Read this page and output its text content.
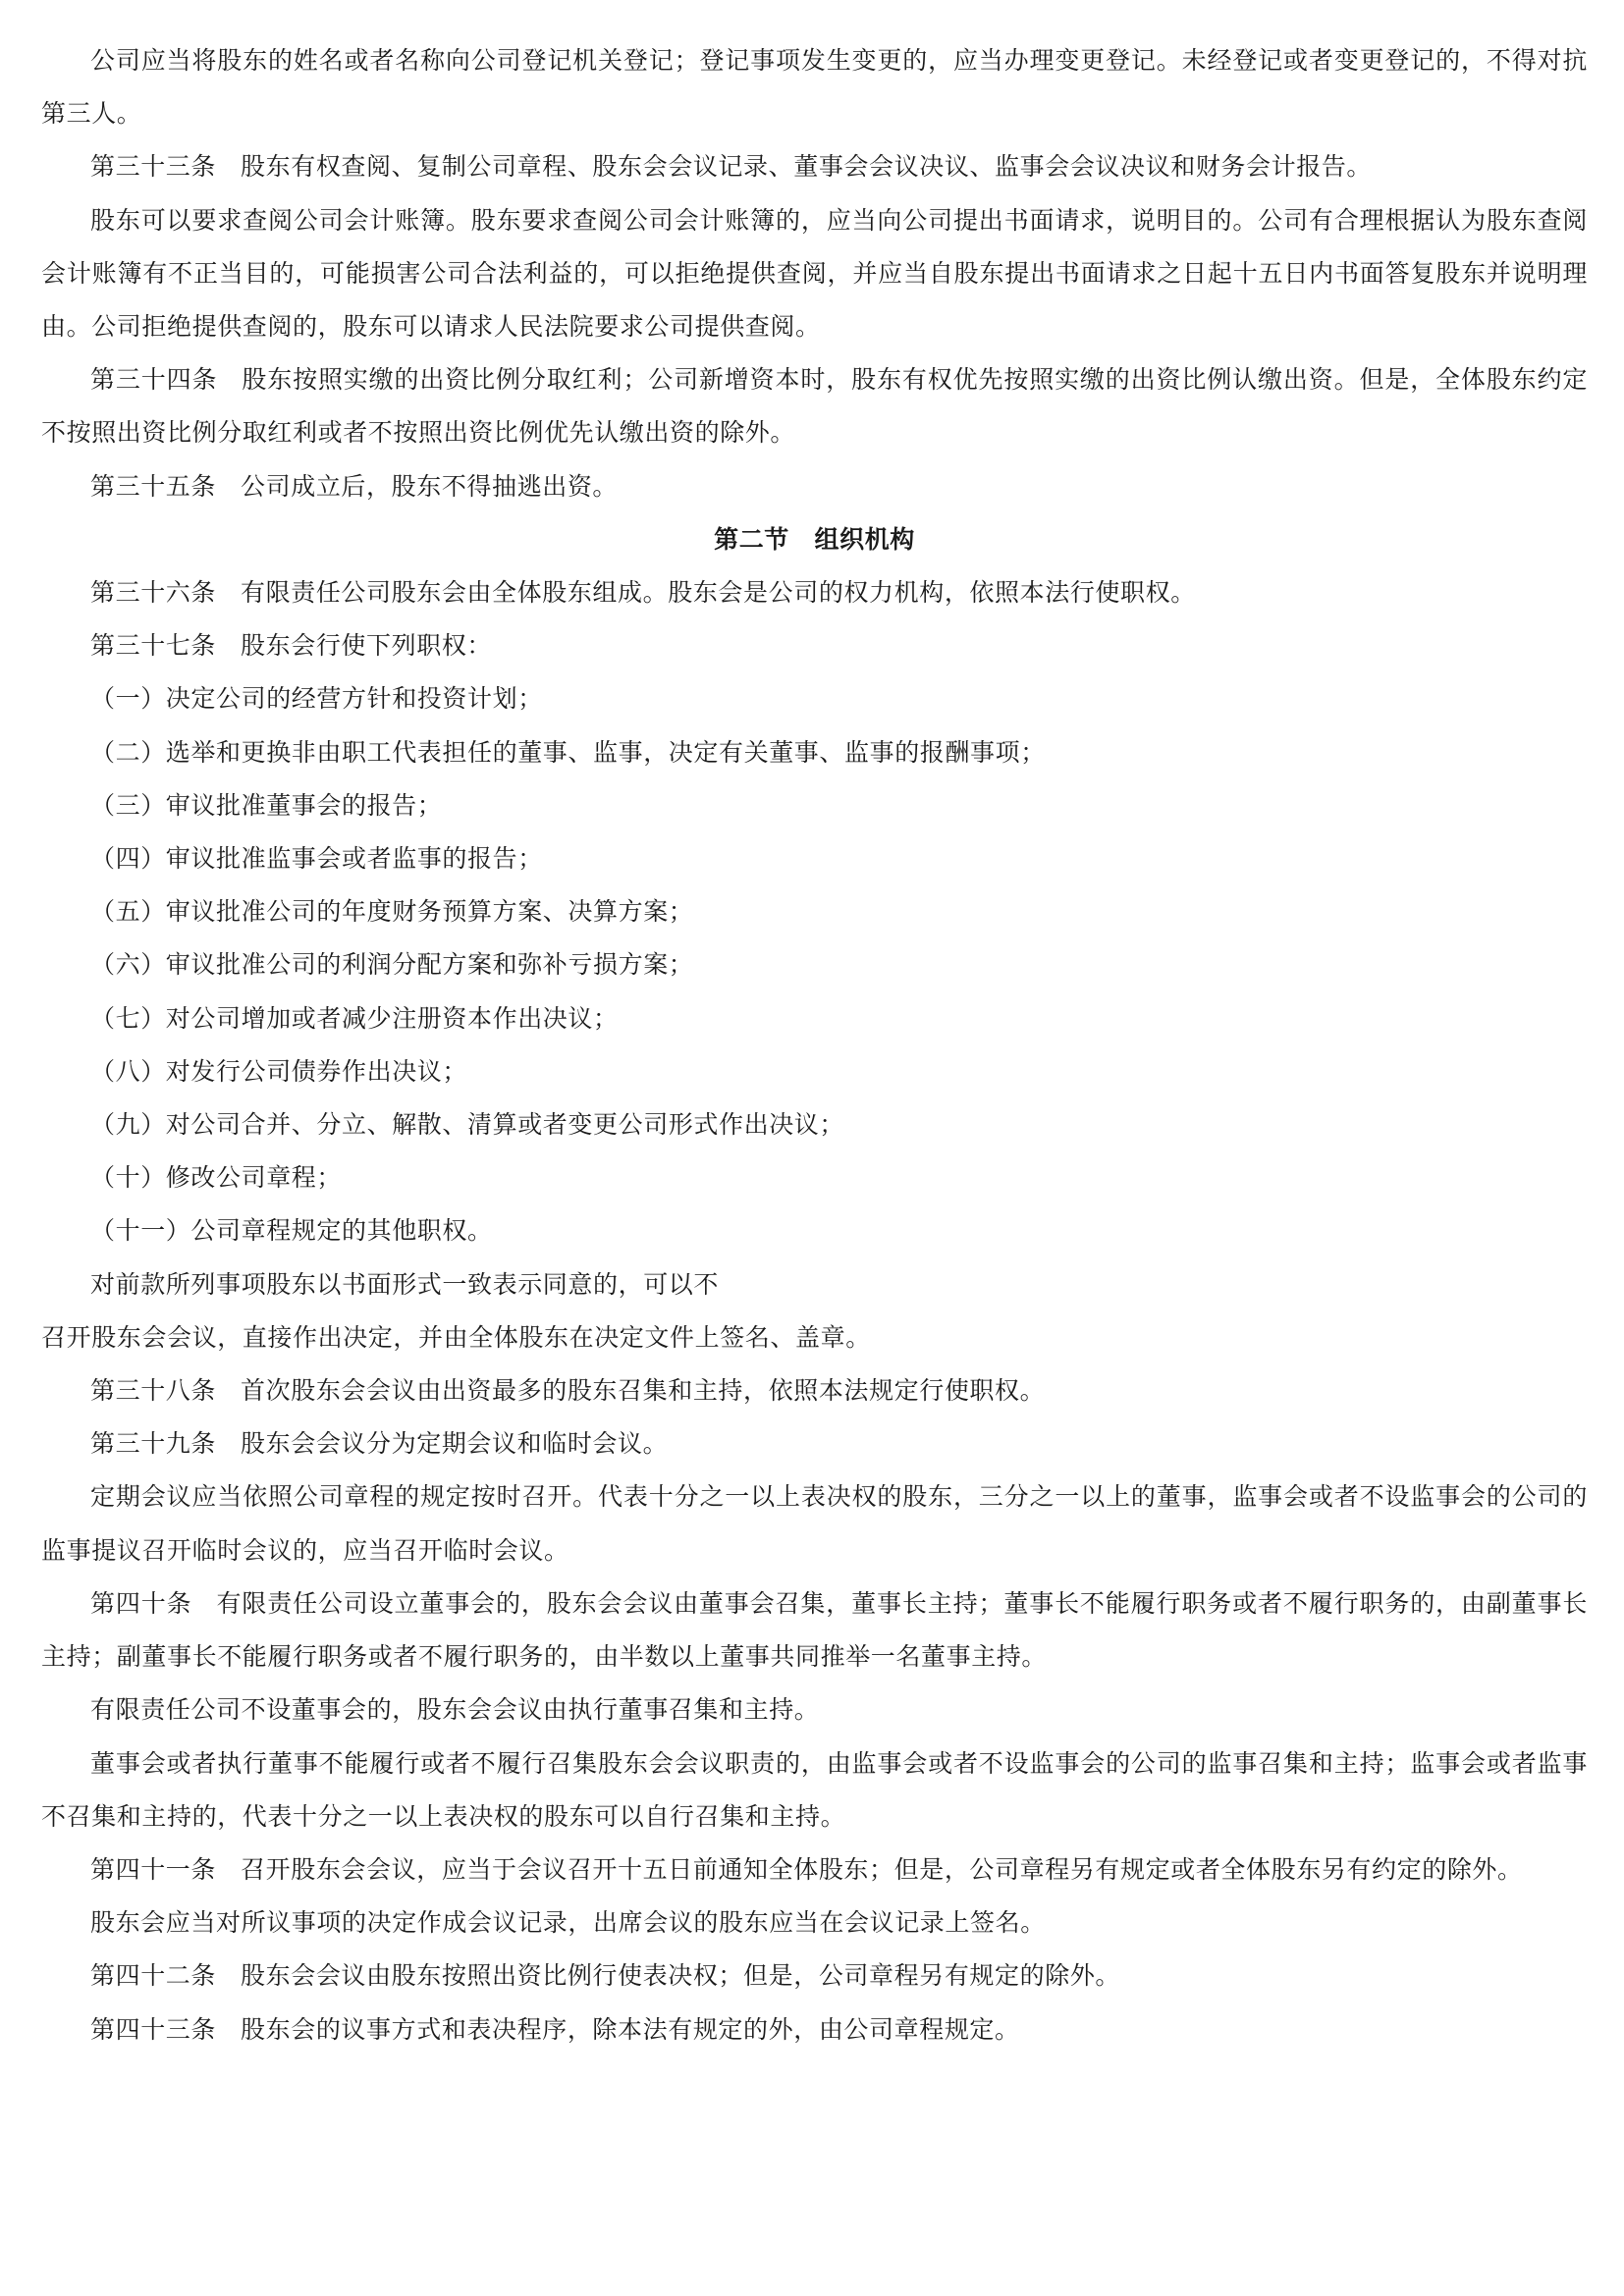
公司应当将股东的姓名或者名称向公司登记机关登记；登记事项发生变更的，应当办理变更登记。未经登记或者变更登记的，不得对抗第三人。

第三十三条 股东有权查阅、复制公司章程、股东会会议记录、董事会会议决议、监事会会议决议和财务会计报告。

股东可以要求查阅公司会计账簿。股东要求查阅公司会计账簿的，应当向公司提出书面请求，说明目的。公司有合理根据认为股东查阅会计账簿有不正当目的，可能损害公司合法利益的，可以拒绝提供查阅，并应当自股东提出书面请求之日起十五日内书面答复股东并说明理由。公司拒绝提供查阅的，股东可以请求人民法院要求公司提供查阅。

第三十四条 股东按照实缴的出资比例分取红利；公司新增资本时，股东有权优先按照实缴的出资比例认缴出资。但是，全体股东约定不按照出资比例分取红利或者不按照出资比例优先认缴出资的除外。

第三十五条 公司成立后，股东不得抽逃出资。

第二节　组织机构

第三十六条 有限责任公司股东会由全体股东组成。股东会是公司的权力机构，依照本法行使职权。

第三十七条 股东会行使下列职权：

（一）决定公司的经营方针和投资计划；

（二）选举和更换非由职工代表担任的董事、监事，决定有关董事、监事的报酬事项；

（三）审议批准董事会的报告；

（四）审议批准监事会或者监事的报告；

（五）审议批准公司的年度财务预算方案、决算方案；

（六）审议批准公司的利润分配方案和弥补亏损方案；

（七）对公司增加或者减少注册资本作出决议；

（八）对发行公司债券作出决议；

（九）对公司合并、分立、解散、清算或者变更公司形式作出决议；

（十）修改公司章程；

（十一）公司章程规定的其他职权。

对前款所列事项股东以书面形式一致表示同意的，可以不

召开股东会会议，直接作出决定，并由全体股东在决定文件上签名、盖章。

第三十八条 首次股东会会议由出资最多的股东召集和主持，依照本法规定行使职权。

第三十九条 股东会会议分为定期会议和临时会议。

定期会议应当依照公司章程的规定按时召开。代表十分之一以上表决权的股东，三分之一以上的董事，监事会或者不设监事会的公司的监事提议召开临时会议的，应当召开临时会议。

第四十条 有限责任公司设立董事会的，股东会会议由董事会召集，董事长主持；董事长不能履行职务或者不履行职务的，由副董事长主持；副董事长不能履行职务或者不履行职务的，由半数以上董事共同推举一名董事主持。

有限责任公司不设董事会的，股东会会议由执行董事召集和主持。

董事会或者执行董事不能履行或者不履行召集股东会会议职责的，由监事会或者不设监事会的公司的监事召集和主持；监事会或者监事不召集和主持的，代表十分之一以上表决权的股东可以自行召集和主持。

第四十一条 召开股东会会议，应当于会议召开十五日前通知全体股东；但是，公司章程另有规定或者全体股东另有约定的除外。

股东会应当对所议事项的决定作成会议记录，出席会议的股东应当在会议记录上签名。

第四十二条 股东会会议由股东按照出资比例行使表决权；但是，公司章程另有规定的除外。

第四十三条 股东会的议事方式和表决程序，除本法有规定的外，由公司章程规定。
